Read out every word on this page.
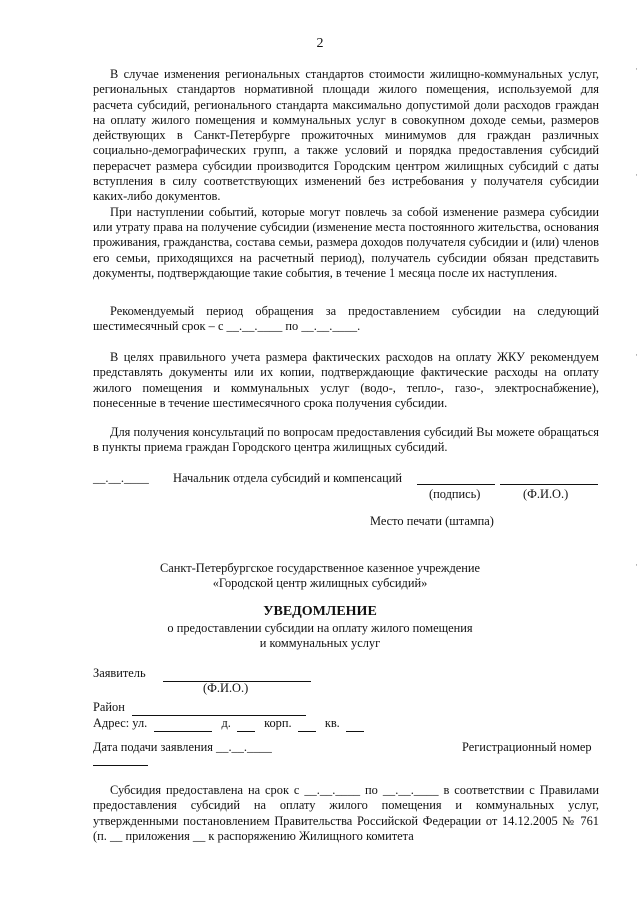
2

В случае изменения региональных стандартов стоимости жилищно-коммунальных услуг, региональных стандартов нормативной площади жилого помещения, используемой для расчета субсидий, регионального стандарта максимально допустимой доли расходов граждан на оплату жилого помещения и коммунальных услуг в совокупном доходе семьи, размеров действующих в Санкт-Петербурге прожиточных минимумов для граждан различных социально-демографических групп, а также условий и порядка предоставления субсидий перерасчет размера субсидии производится Городским центром жилищных субсидий с даты вступления в силу соответствующих изменений без истребования у получателя субсидии каких-либо документов.

При наступлении событий, которые могут повлечь за собой изменение размера субсидии или утрату права на получение субсидии (изменение места постоянного жительства, основания проживания, гражданства, состава семьи, размера доходов получателя субсидии и (или) членов его семьи, приходящихся на расчетный период), получатель субсидии обязан представить документы, подтверждающие такие события, в течение 1 месяца после их наступления.

Рекомендуемый период обращения за предоставлением субсидии на следующий шестимесячный срок – с __.__.____ по __.__.____.

В целях правильного учета размера фактических расходов на оплату ЖКУ рекомендуем представлять документы или их копии, подтверждающие фактические расходы на оплату жилого помещения и коммунальных услуг (водо-, тепло-, газо-, электроснабжение), понесенные в течение шестимесячного срока получения субсидии.

Для получения консультаций по вопросам предоставления субсидий Вы можете обращаться в пункты приема граждан Городского центра жилищных субсидий.

__.__.____ Начальник отдела субсидий и компенсаций
(подпись)	(Ф.И.О.)
Место печати (штампа)
Санкт-Петербургское государственное казенное учреждение
«Городской центр жилищных субсидий»
УВЕДОМЛЕНИЕ
о предоставлении субсидии на оплату жилого помещения
и коммунальных услуг
Заявитель
(Ф.И.О.)
Район
Адрес: ул.	д.	корп.	кв.
Дата подачи заявления __.__.____	Регистрационный номер

Субсидия предоставлена на срок с __.__.____ по __.__.____ в соответствии с Правилами предоставления субсидий на оплату жилого помещения и коммунальных услуг, утвержденными постановлением Правительства Российской Федерации от 14.12.2005 № 761 (п. __ приложения __ к распоряжению Жилищного комитета

·
·
·
·
